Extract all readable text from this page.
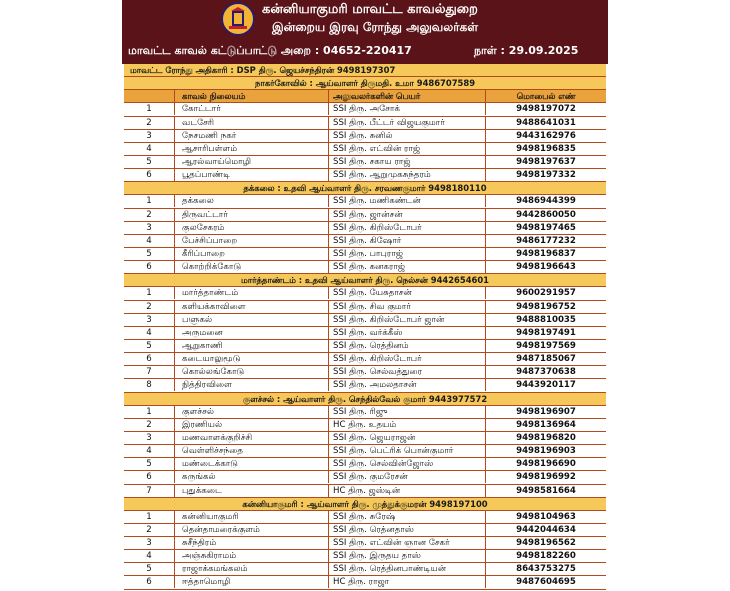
கன்னியாகுமரி மாவட்ட காவல்துறை
இன்றைய இரவு ரோந்து அலுவலர்கள்
மாவட்ட காவல் கட்டுப்பாட்டு அறை : 04652-220417	நாள் : 29.09.2025
மாவட்ட ரோந்து அதிகாரி : DSP திரு. ஜெயச்சந்திரன் 9498197307
நாகர்கோவில் : ஆய்வாளர் திருமதி. உமா 9486707589
காவல் நிலையம்	அலுவலர்களின் பெயர்	மொபைல் எண்
1	கோட்டார்	SSI திரு. அசோக்	9498197072
2	வடசேரி	SSI திரு. பீட்டர் விஜயகுமார்	9488641031
3	நேசமணி நகர்	SSI திரு. சுனில்	9443162976
4	ஆசாரிபள்ளம்	SSI திரு. எட்வின் ராஜ்	9498196835
5	ஆரல்வாய்மொழி	SSI திரு. சகாய ராஜ்	9498197637
6	பூதப்பாண்டி	SSI திரு. ஆறுமுகசுந்தரம்	9498197332
தக்கலை : உதவி ஆய்வாளர் திரு. சரவணகுமார் 9498180110
1	தக்கலை	SSI திரு. மணிகண்டன்	9486944399
2	திருவட்டார்	SSI திரு. ஜான்சன்	9442860050
3	குலசேகரம்	SSI திரு. கிறிஸ்டோபர்	9498197465
4	பேச்சிப்பாறை	SSI திரு. கிஷோர்	9486177232
5	கீரிப்பாறை	SSI திரு. பாபுராஜ்	9498196837
6	கொற்றிக்கோடு	SSI திரு. கனகராஜ்	9498196643
மார்த்தாண்டம் : உதவி ஆய்வாளர் திரு. நெல்சன் 9442654601
1	மார்த்தாண்டம்	SSI திரு. யேசுதாசன்	9600291957
2	களியக்காவிளை	SSI திரு. சிவ குமார்	9498196752
3	பளுகல்	SSI திரு. கிறிஸ்டோபர் ஜான்	9488810035
4	அருமனை	SSI திரு. வர்க்கீஸ்	9498197491
5	ஆறுகாணி	SSI திரு. ரெத்தினம்	9498197569
6	கடையாலுமூடு	SSI திரு. கிறிஸ்டோபர்	9487185067
7	கொல்லங்கோடு	SSI திரு. செல்வத்துரை	9487370638
8	நித்திரவிளை	SSI திரு. அமலதாசன்	9443920117
குளச்சல் : ஆய்வாளர் திரு. செந்தில்வேல் குமார் 9443977572
1	குளச்சல்	SSI திரு. ரிஜு	9498196907
2	இரணியல்	HC திரு. உதயம்	9498136964
3	மணவாளக்குறிச்சி	SSI திரு. ஜெயராஜன்	9498196820
4	வெள்ளிச்சந்தை	SSI திரு. பெட்ரிக் பொன்குமார்	9498196903
5	மண்டைக்காடு	SSI திரு. செல்வின்ஜோஸ்	9498196690
6	கருங்கல்	SSI திரு. குமரேசன்	9498196992
7	புதுக்கடை	HC திரு. ஜஸ்டின்	9498581664
கன்னியாகுமரி : ஆய்வாளர் திரு. முத்துக்குமரன் 9498197100
1	கன்னியாகுமரி	SSI திரு. சுரேஷ்	9498104963
2	தென்தாமரைக்குளம்	SSI திரு. ரெத்னதாஸ்	9442044634
3	சுசீந்திரம்	SSI திரு. எட்வின் ஞான சேகர்	9498196562
4	அஞ்சுகிராமம்	SSI திரு. இருதய தாஸ்	9498182260
5	ராஜாக்கமங்கலம்	SSI திரு. ரெத்தினபாண்டியன்	8643753275
6	ஈத்தாமொழி	HC திரு. ராஜா	9487604695
